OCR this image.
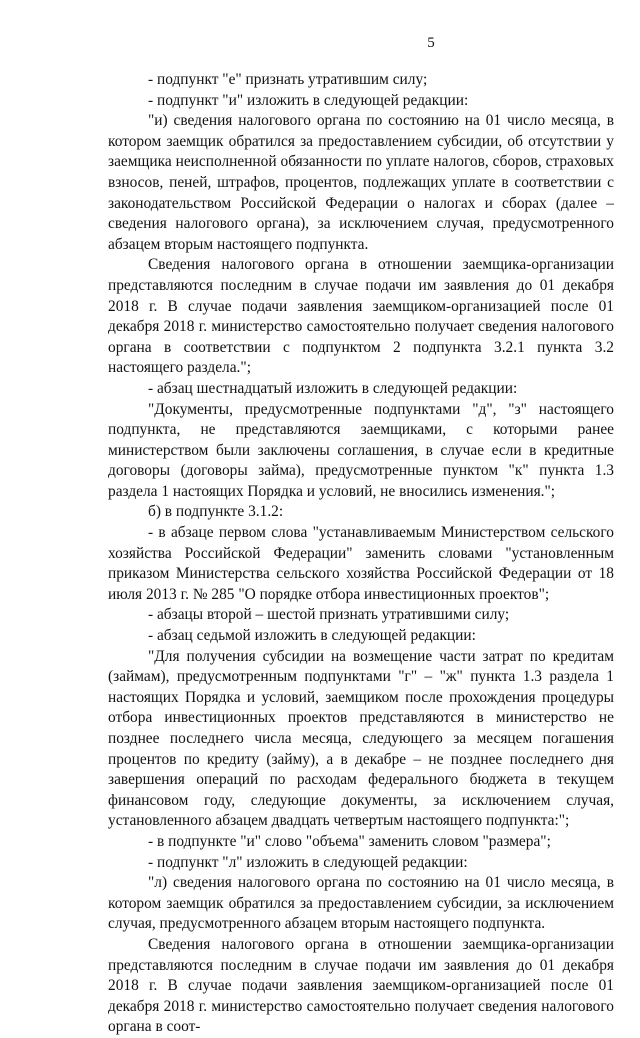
5

- подпункт "е" признать утратившим силу;

- подпункт "и" изложить в следующей редакции:

"и) сведения налогового органа по состоянию на 01 число месяца, в котором заемщик обратился за предоставлением субсидии, об отсутствии у заемщика неисполненной обязанности по уплате налогов, сборов, страховых взносов, пеней, штрафов, процентов, подлежащих уплате в соответствии с законодательством Российской Федерации о налогах и сборах (далее – сведения налогового органа), за исключением случая, предусмотренного абзацем вторым настоящего подпункта.

Сведения налогового органа в отношении заемщика-организации представляются последним в случае подачи им заявления до 01 декабря 2018 г. В случае подачи заявления заемщиком-организацией после 01 декабря 2018 г. министерство самостоятельно получает сведения налогового органа в соответствии с подпунктом 2 подпункта 3.2.1 пункта 3.2 настоящего раздела.";

- абзац шестнадцатый изложить в следующей редакции:

"Документы, предусмотренные подпунктами "д", "з" настоящего подпункта, не представляются заемщиками, с которыми ранее министерством были заключены соглашения, в случае если в кредитные договоры (договоры займа), предусмотренные пунктом "к" пункта 1.3 раздела 1 настоящих Порядка и условий, не вносились изменения.";

б) в подпункте 3.1.2:

- в абзаце первом слова "устанавливаемым Министерством сельского хозяйства Российской Федерации" заменить словами "установленным приказом Министерства сельского хозяйства Российской Федерации от 18 июля 2013 г. № 285 "О порядке отбора инвестиционных проектов";

- абзацы второй – шестой признать утратившими силу;

- абзац седьмой изложить в следующей редакции:

"Для получения субсидии на возмещение части затрат по кредитам (займам), предусмотренным подпунктами "г" – "ж" пункта 1.3 раздела 1 настоящих Порядка и условий, заемщиком после прохождения процедуры отбора инвестиционных проектов представляются в министерство не позднее последнего числа месяца, следующего за месяцем погашения процентов по кредиту (займу), а в декабре – не позднее последнего дня завершения операций по расходам федерального бюджета в текущем финансовом году, следующие документы, за исключением случая, установленного абзацем двадцать четвертым настоящего подпункта:";

- в подпункте "и" слово "объема" заменить словом "размера";

- подпункт "л" изложить в следующей редакции:

"л) сведения налогового органа по состоянию на 01 число месяца, в котором заемщик обратился за предоставлением субсидии, за исключением случая, предусмотренного абзацем вторым настоящего подпункта.

Сведения налогового органа в отношении заемщика-организации представляются последним в случае подачи им заявления до 01 декабря 2018 г. В случае подачи заявления заемщиком-организацией после 01 декабря 2018 г. министерство самостоятельно получает сведения налогового органа в соот-
